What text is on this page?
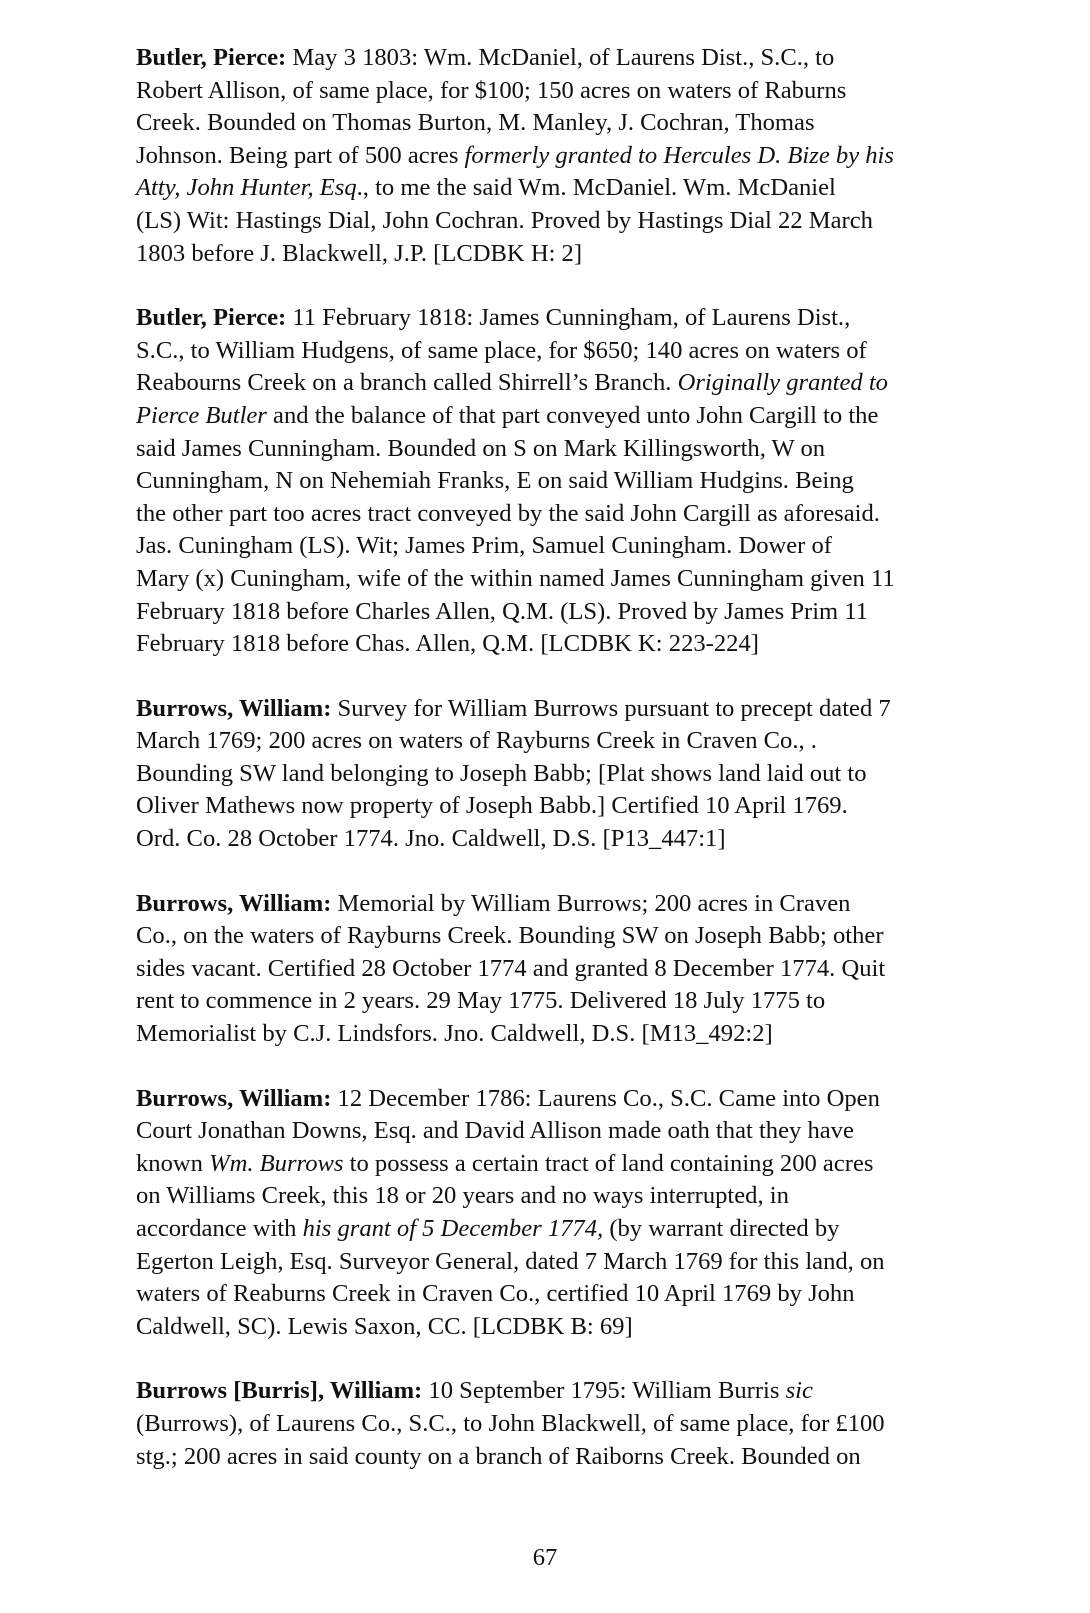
Butler, Pierce: May 3 1803: Wm. McDaniel, of Laurens Dist., S.C., to
Robert Allison, of same place, for $100; 150 acres on waters of Raburns
Creek. Bounded on Thomas Burton, M. Manley, J. Cochran, Thomas
Johnson. Being part of 500 acres formerly granted to Hercules D. Bize by his
Atty, John Hunter, Esq., to me the said Wm. McDaniel. Wm. McDaniel
(LS) Wit: Hastings Dial, John Cochran. Proved by Hastings Dial 22 March
1803 before J. Blackwell, J.P. [LCDBK H: 2]

Butler, Pierce: 11 February 1818: James Cunningham, of Laurens Dist.,
S.C., to William Hudgens, of same place, for $650; 140 acres on waters of
Reabourns Creek on a branch called Shirrell’s Branch. Originally granted to
Pierce Butler and the balance of that part conveyed unto John Cargill to the
said James Cunningham. Bounded on S on Mark Killingsworth, W on
Cunningham, N on Nehemiah Franks, E on said William Hudgins. Being
the other part too acres tract conveyed by the said John Cargill as aforesaid.
Jas. Cuningham (LS). Wit; James Prim, Samuel Cuningham. Dower of
Mary (x) Cuningham, wife of the within named James Cunningham given 11
February 1818 before Charles Allen, Q.M. (LS). Proved by James Prim 11
February 1818 before Chas. Allen, Q.M. [LCDBK K: 223-224]

Burrows, William: Survey for William Burrows pursuant to precept dated 7
March 1769; 200 acres on waters of Rayburns Creek in Craven Co., .
Bounding SW land belonging to Joseph Babb; [Plat shows land laid out to
Oliver Mathews now property of Joseph Babb.] Certified 10 April 1769.
Ord. Co. 28 October 1774. Jno. Caldwell, D.S. [P13_447:1]

Burrows, William: Memorial by William Burrows; 200 acres in Craven
Co., on the waters of Rayburns Creek. Bounding SW on Joseph Babb; other
sides vacant. Certified 28 October 1774 and granted 8 December 1774. Quit
rent to commence in 2 years. 29 May 1775. Delivered 18 July 1775 to
Memorialist by C.J. Lindsfors. Jno. Caldwell, D.S. [M13_492:2]

Burrows, William: 12 December 1786: Laurens Co., S.C. Came into Open
Court Jonathan Downs, Esq. and David Allison made oath that they have
known Wm. Burrows to possess a certain tract of land containing 200 acres
on Williams Creek, this 18 or 20 years and no ways interrupted, in
accordance with his grant of 5 December 1774, (by warrant directed by
Egerton Leigh, Esq. Surveyor General, dated 7 March 1769 for this land, on
waters of Reaburns Creek in Craven Co., certified 10 April 1769 by John
Caldwell, SC). Lewis Saxon, CC. [LCDBK B: 69]

Burrows [Burris], William: 10 September 1795: William Burris sic
(Burrows), of Laurens Co., S.C., to John Blackwell, of same place, for £100
stg.; 200 acres in said county on a branch of Raiborns Creek. Bounded on

67
